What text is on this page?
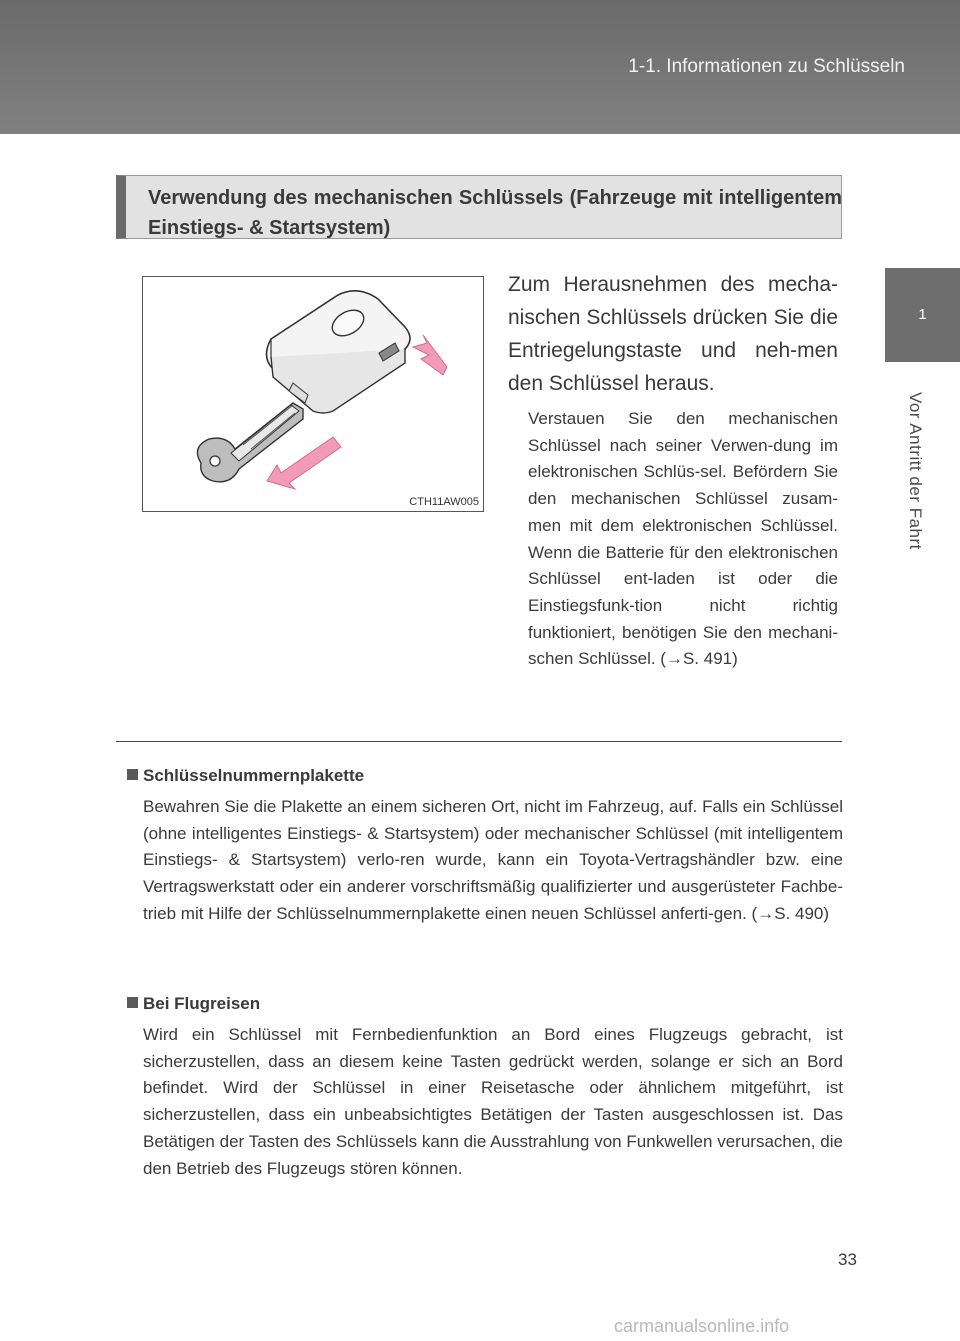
1-1. Informationen zu Schlüsseln
1
Vor Antritt der Fahrt
Verwendung des mechanischen Schlüssels (Fahrzeuge mit intelligentem Einstiegs- & Startsystem)
CTH11AW005
Zum Herausnehmen des mecha-nischen Schlüssels drücken Sie die Entriegelungstaste und neh-men den Schlüssel heraus.
Verstauen Sie den mechanischen Schlüssel nach seiner Verwen-dung im elektronischen Schlüs-sel. Befördern Sie den mechanischen Schlüssel zusam-men mit dem elektronischen Schlüssel. Wenn die Batterie für den elektronischen Schlüssel ent-laden ist oder die Einstiegsfunk-tion nicht richtig funktioniert, benötigen Sie den mechani-schen Schlüssel. (→S. 491)
Schlüsselnummernplakette
Bewahren Sie die Plakette an einem sicheren Ort, nicht im Fahrzeug, auf. Falls ein Schlüssel (ohne intelligentes Einstiegs- & Startsystem) oder mechanischer Schlüssel (mit intelligentem Einstiegs- & Startsystem) verlo-ren wurde, kann ein Toyota-Vertragshändler bzw. eine Vertragswerkstatt oder ein anderer vorschriftsmäßig qualifizierter und ausgerüsteter Fachbe-trieb mit Hilfe der Schlüsselnummernplakette einen neuen Schlüssel anferti-gen. (→S. 490)
Bei Flugreisen
Wird ein Schlüssel mit Fernbedienfunktion an Bord eines Flugzeugs gebracht, ist sicherzustellen, dass an diesem keine Tasten gedrückt werden, solange er sich an Bord befindet. Wird der Schlüssel in einer Reisetasche oder ähnlichem mitgeführt, ist sicherzustellen, dass ein unbeabsichtigtes Betätigen der Tasten ausgeschlossen ist. Das Betätigen der Tasten des Schlüssels kann die Ausstrahlung von Funkwellen verursachen, die den Betrieb des Flugzeugs stören können.
33
carmanualsonline.info
